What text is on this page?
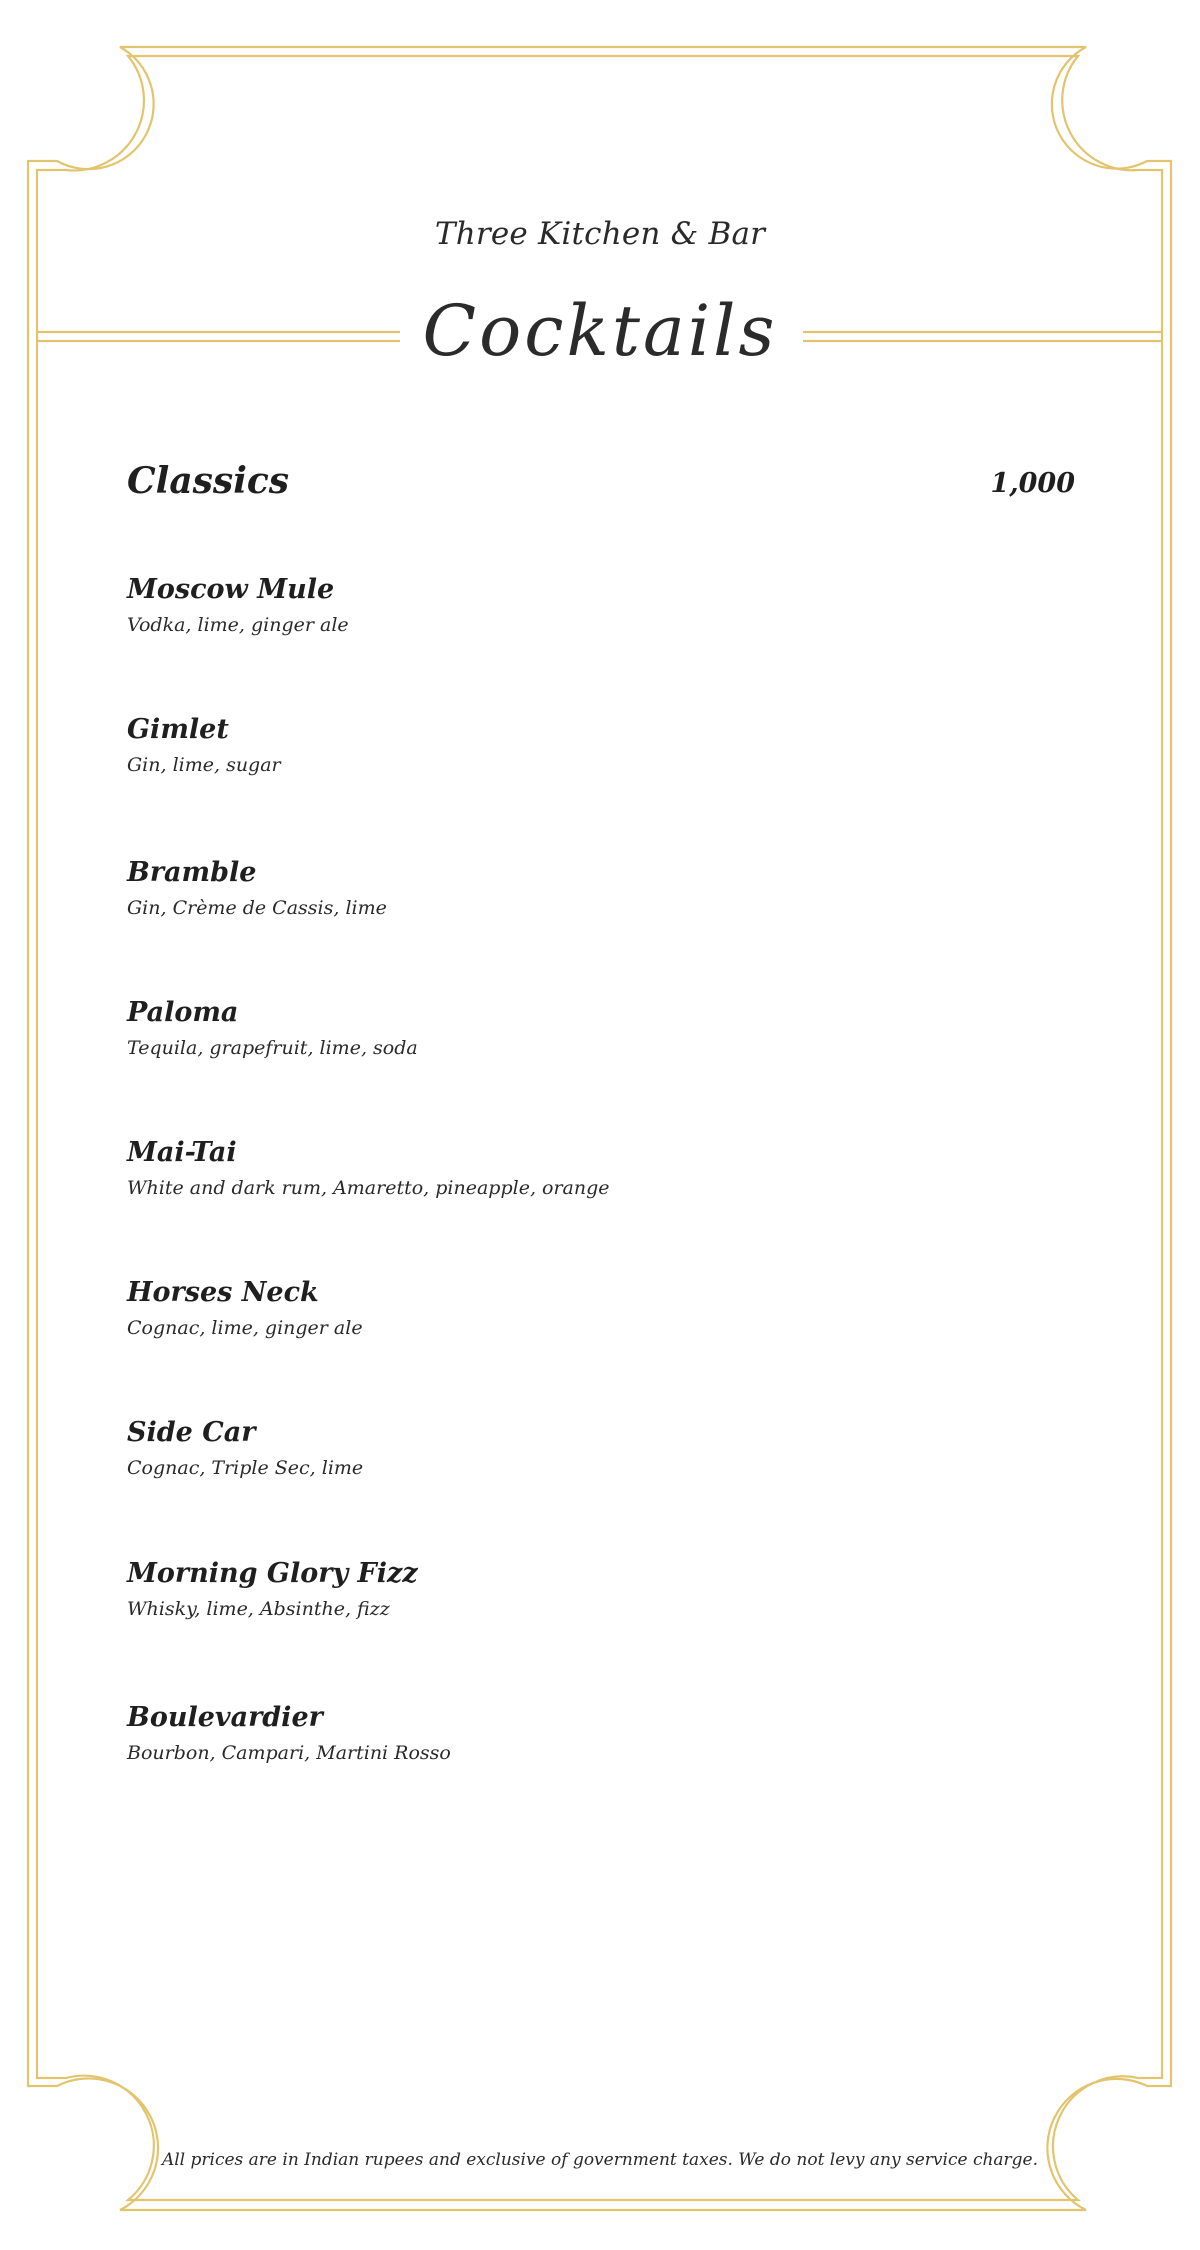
Three Kitchen & Bar
Cocktails
Classics	1,000
Moscow Mule
Vodka, lime, ginger ale
Gimlet
Gin, lime, sugar
Bramble
Gin, Crème de Cassis, lime
Paloma
Tequila, grapefruit, lime, soda
Mai-Tai
White and dark rum, Amaretto, pineapple, orange
Horses Neck
Cognac, lime, ginger ale
Side Car
Cognac, Triple Sec, lime
Morning Glory Fizz
Whisky, lime, Absinthe, fizz
Boulevardier
Bourbon, Campari, Martini Rosso
All prices are in Indian rupees and exclusive of government taxes. We do not levy any service charge.
